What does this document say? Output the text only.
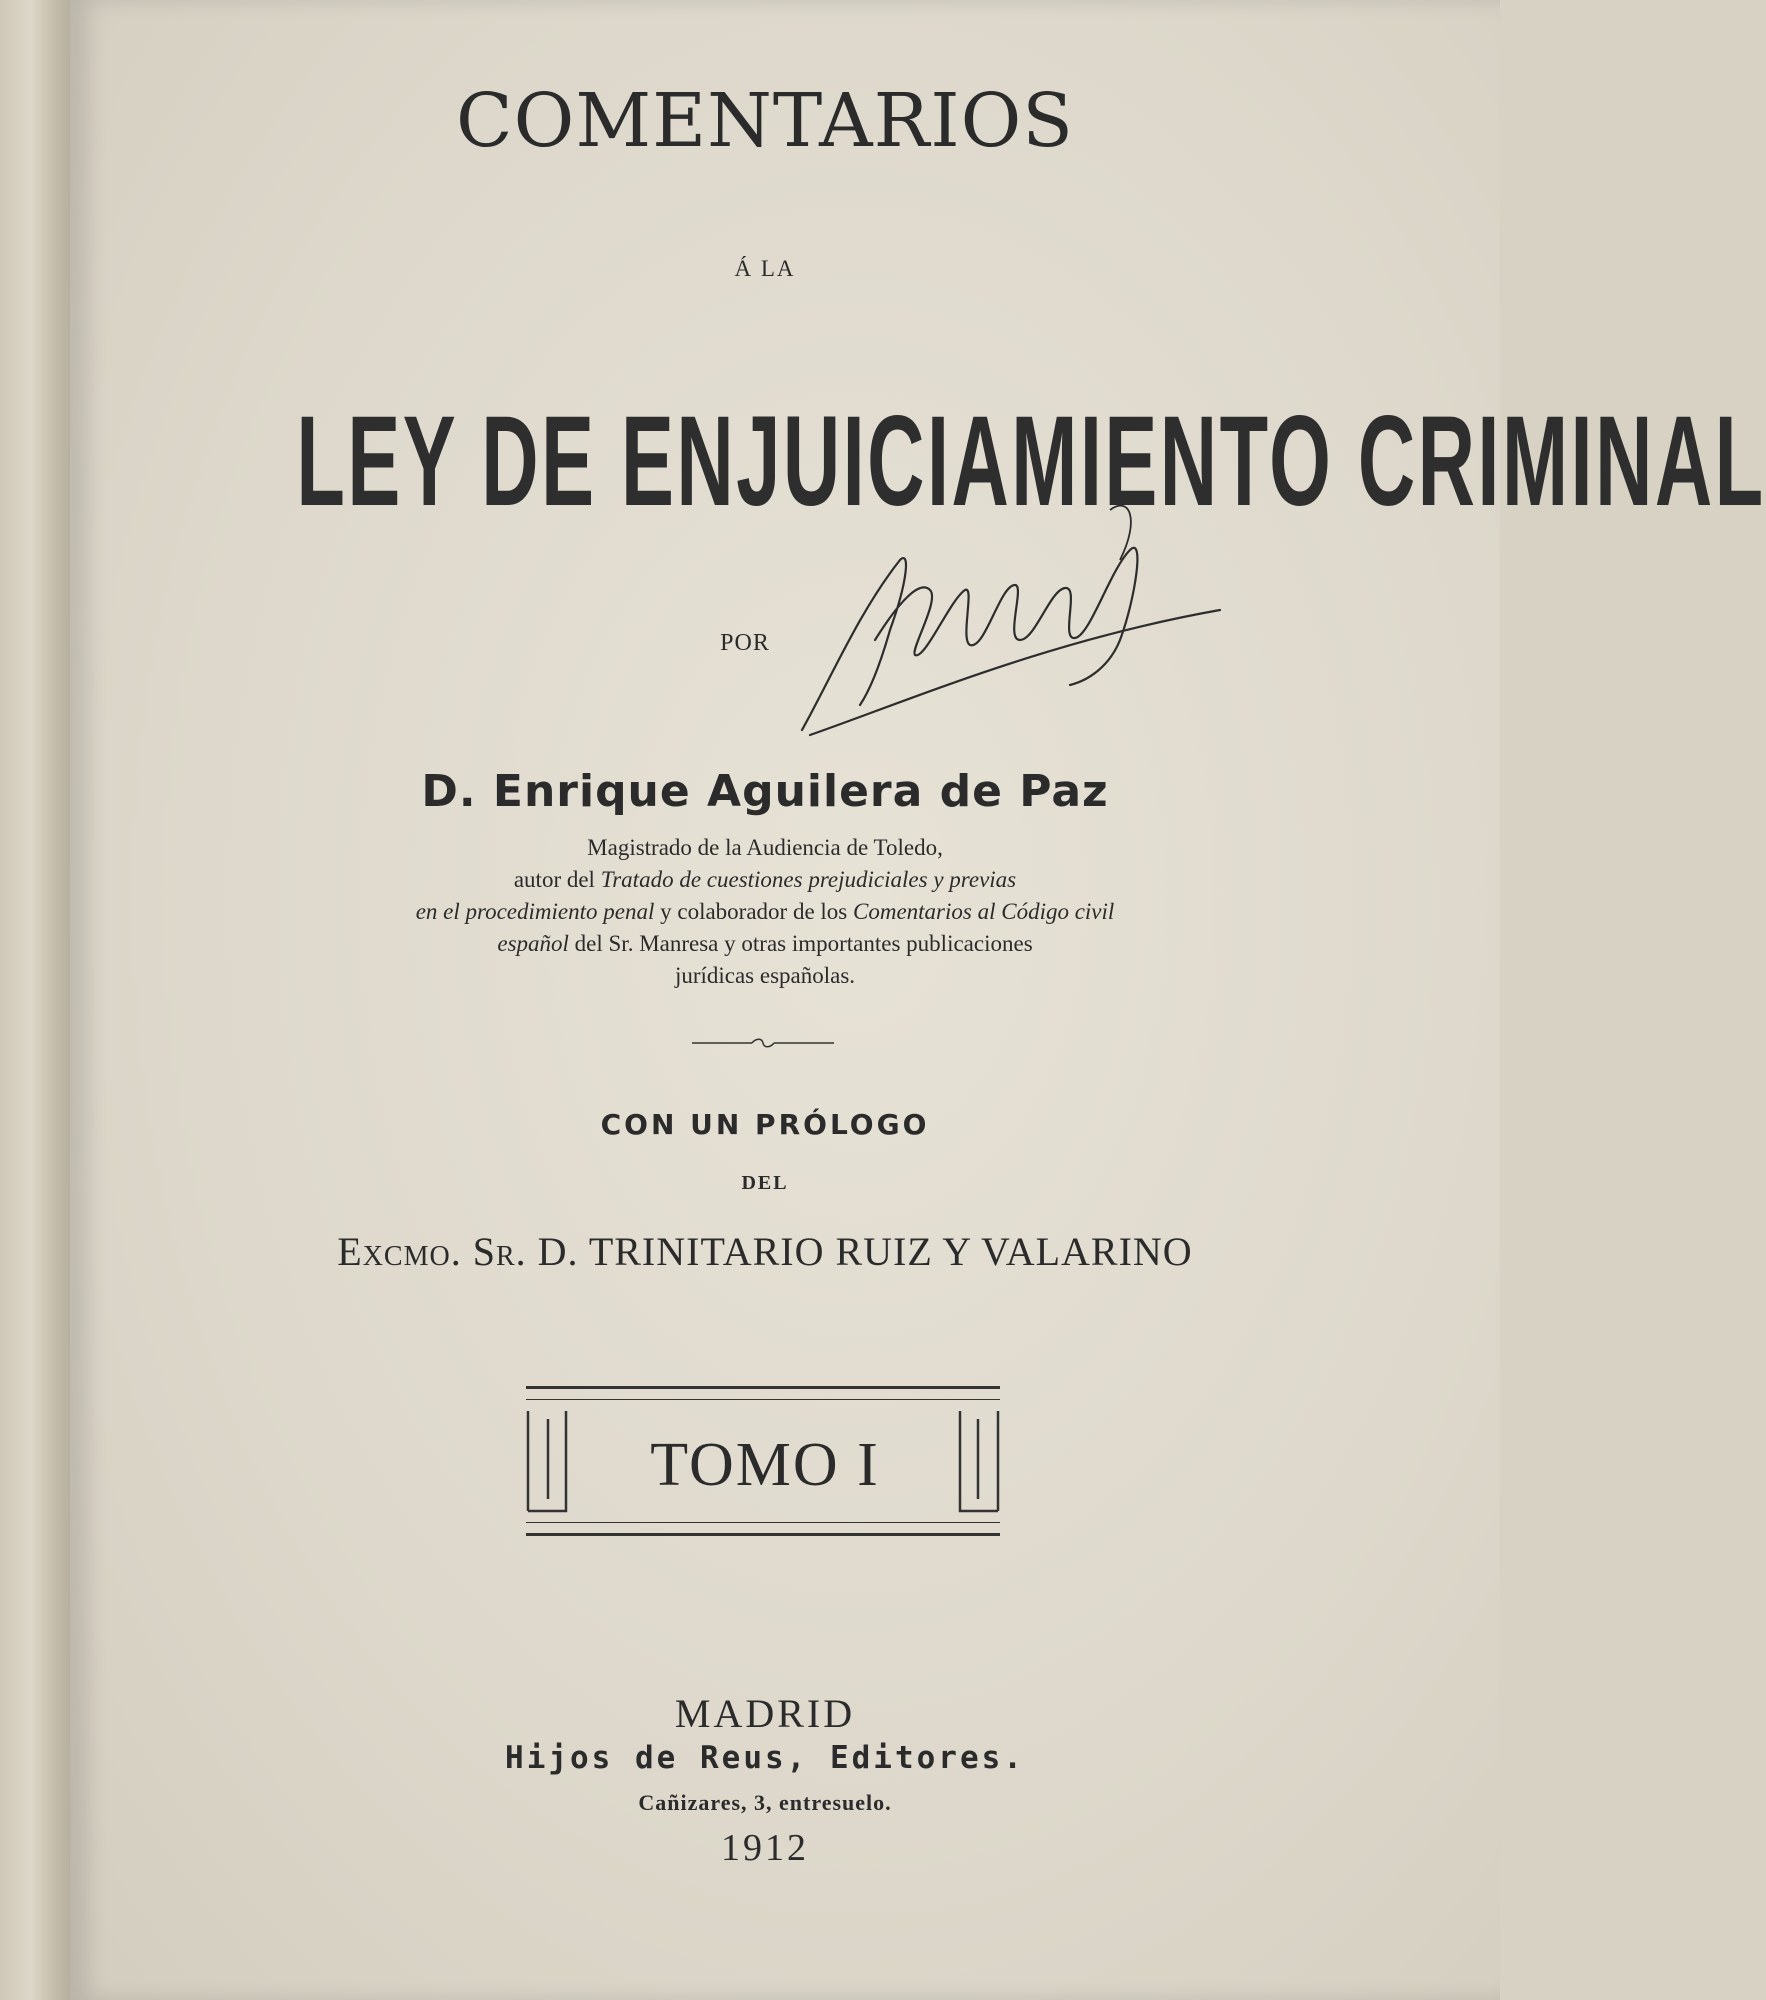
COMENTARIOS
Á LA
LEY DE ENJUICIAMIENTO CRIMINAL
POR
D. Enrique Aguilera de Paz
Magistrado de la Audiencia de Toledo,
autor del Tratado de cuestiones prejudiciales y previas
en el procedimiento penal y colaborador de los Comentarios al Código civil
español del Sr. Manresa y otras importantes publicaciones
jurídicas españolas.
CON UN PRÓLOGO
DEL
Excmo. Sr. D. TRINITARIO RUIZ Y VALARINO
TOMO I
MADRID
Hijos de Reus, Editores.
Cañizares, 3, entresuelo.
1912
